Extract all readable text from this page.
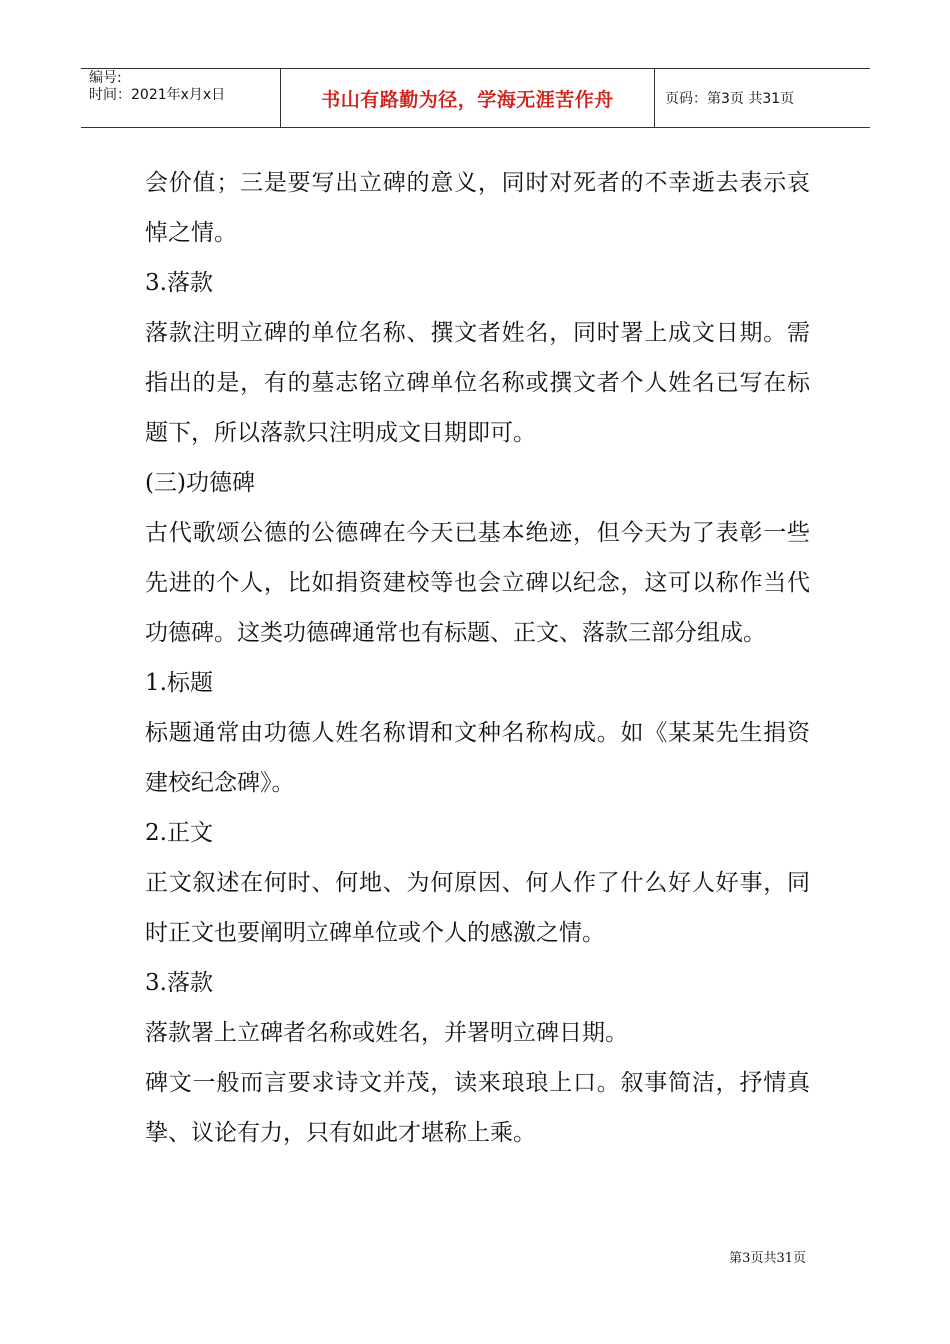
编号:
时间：2021年x月x日	书山有路勤为径，学海无涯苦作舟	页码：第3页 共31页

会价值；三是要写出立碑的意义，同时对死者的不幸逝去表示哀悼之情。

3.落款

落款注明立碑的单位名称、撰文者姓名，同时署上成文日期。需指出的是，有的墓志铭立碑单位名称或撰文者个人姓名已写在标题下，所以落款只注明成文日期即可。

(三)功德碑

古代歌颂公德的公德碑在今天已基本绝迹，但今天为了表彰一些先进的个人，比如捐资建校等也会立碑以纪念，这可以称作当代功德碑。这类功德碑通常也有标题、正文、落款三部分组成。

1.标题

标题通常由功德人姓名称谓和文种名称构成。如《某某先生捐资建校纪念碑》。

2.正文

正文叙述在何时、何地、为何原因、何人作了什么好人好事，同时正文也要阐明立碑单位或个人的感激之情。

3.落款

落款署上立碑者名称或姓名，并署明立碑日期。

碑文一般而言要求诗文并茂，读来琅琅上口。叙事简洁，抒情真挚、议论有力，只有如此才堪称上乘。

第3页共31页
